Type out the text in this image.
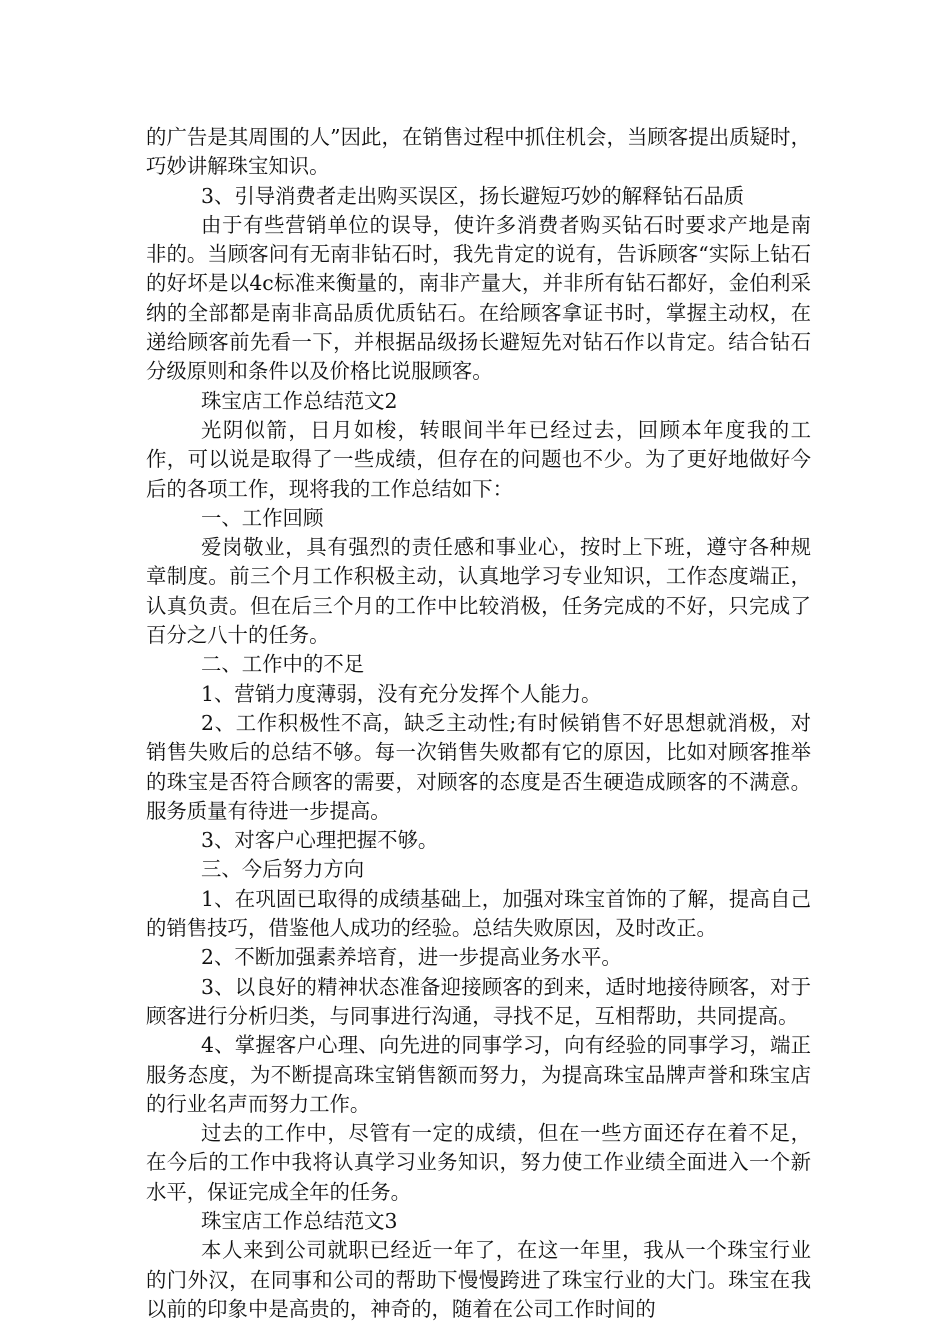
的广告是其周围的人”因此，在销售过程中抓住机会，当顾客提出质疑时，巧妙讲解珠宝知识。

3、引导消费者走出购买误区，扬长避短巧妙的解释钻石品质

由于有些营销单位的误导，使许多消费者购买钻石时要求产地是南非的。当顾客问有无南非钻石时，我先肯定的说有，告诉顾客“实际上钻石的好坏是以4c标准来衡量的，南非产量大，并非所有钻石都好，金伯利采纳的全部都是南非高品质优质钻石。在给顾客拿证书时，掌握主动权，在递给顾客前先看一下，并根据品级扬长避短先对钻石作以肯定。结合钻石分级原则和条件以及价格比说服顾客。

珠宝店工作总结范文2

光阴似箭，日月如梭，转眼间半年已经过去，回顾本年度我的工作，可以说是取得了一些成绩，但存在的问题也不少。为了更好地做好今后的各项工作，现将我的工作总结如下：

一、工作回顾

爱岗敬业，具有强烈的责任感和事业心，按时上下班，遵守各种规章制度。前三个月工作积极主动，认真地学习专业知识，工作态度端正，认真负责。但在后三个月的工作中比较消极，任务完成的不好，只完成了百分之八十的任务。

二、工作中的不足

1、营销力度薄弱，没有充分发挥个人能力。

2、工作积极性不高，缺乏主动性;有时候销售不好思想就消极，对销售失败后的总结不够。每一次销售失败都有它的原因，比如对顾客推举的珠宝是否符合顾客的需要，对顾客的态度是否生硬造成顾客的不满意。服务质量有待进一步提高。

3、对客户心理把握不够。

三、今后努力方向

1、在巩固已取得的成绩基础上，加强对珠宝首饰的了解，提高自己的销售技巧，借鉴他人成功的经验。总结失败原因，及时改正。

2、不断加强素养培育，进一步提高业务水平。

3、以良好的精神状态准备迎接顾客的到来，适时地接待顾客，对于顾客进行分析归类，与同事进行沟通，寻找不足，互相帮助，共同提高。

4、掌握客户心理、向先进的同事学习，向有经验的同事学习，端正服务态度，为不断提高珠宝销售额而努力，为提高珠宝品牌声誉和珠宝店的行业名声而努力工作。

过去的工作中，尽管有一定的成绩，但在一些方面还存在着不足，在今后的工作中我将认真学习业务知识，努力使工作业绩全面进入一个新水平，保证完成全年的任务。

珠宝店工作总结范文3

本人来到公司就职已经近一年了，在这一年里，我从一个珠宝行业的门外汉，在同事和公司的帮助下慢慢跨进了珠宝行业的大门。珠宝在我以前的印象中是高贵的，神奇的，随着在公司工作时间的
